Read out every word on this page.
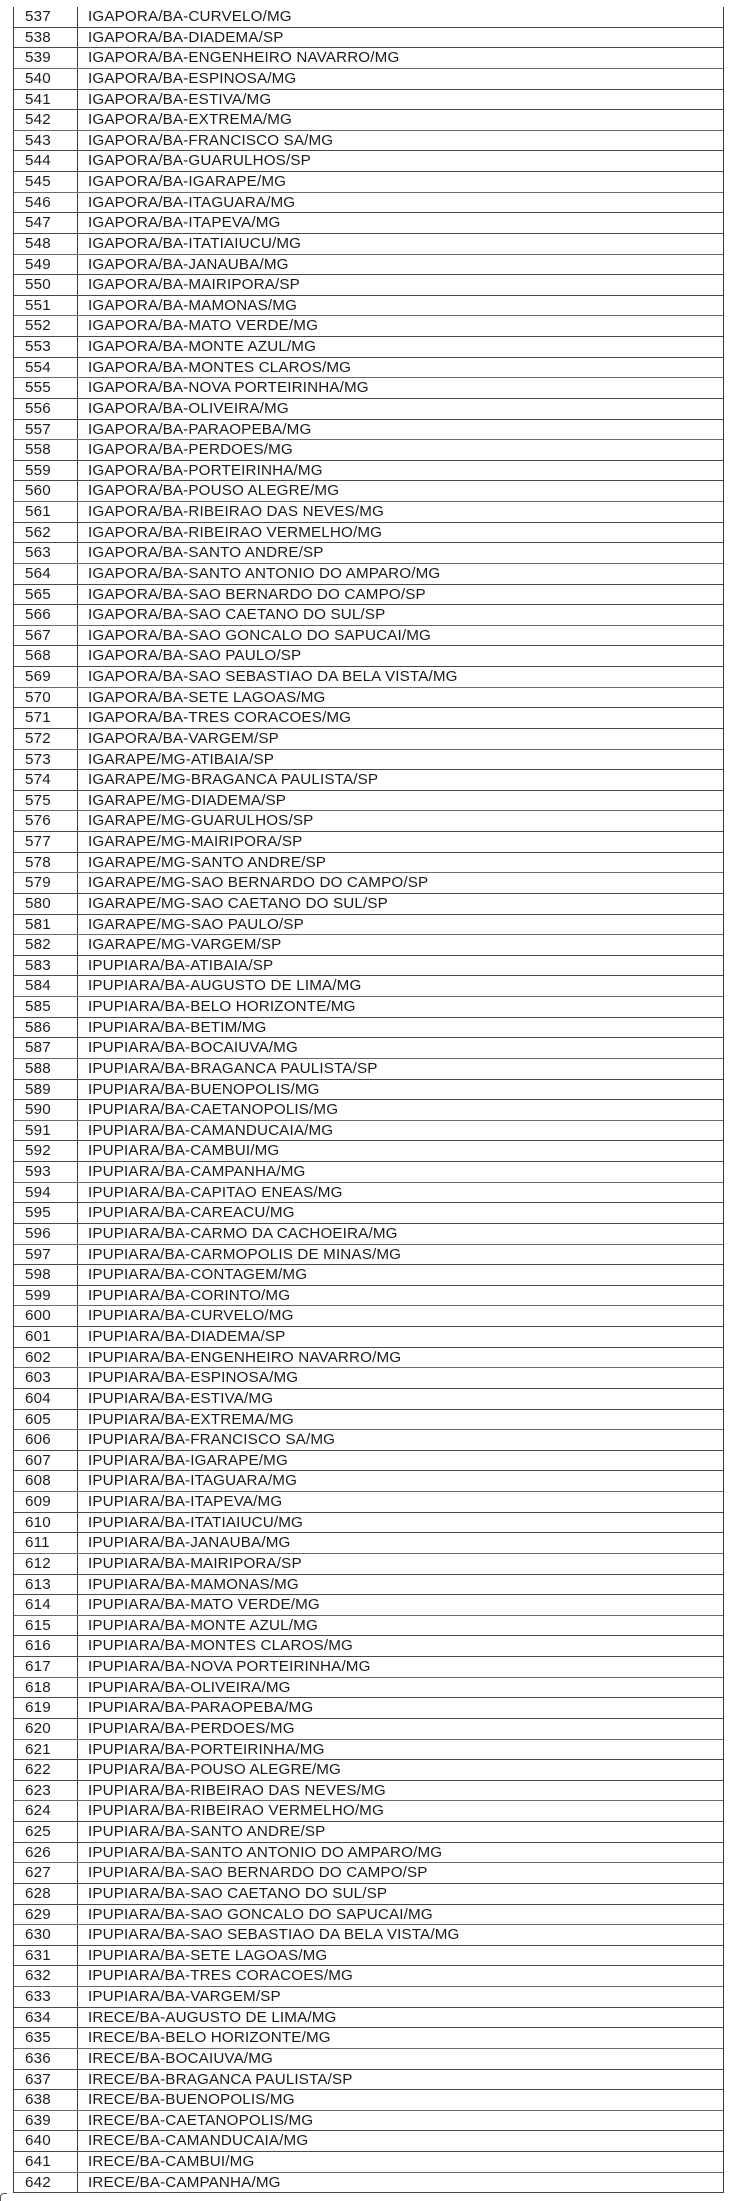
537	IGAPORA/BA-CURVELO/MG
538	IGAPORA/BA-DIADEMA/SP
539	IGAPORA/BA-ENGENHEIRO NAVARRO/MG
540	IGAPORA/BA-ESPINOSA/MG
541	IGAPORA/BA-ESTIVA/MG
542	IGAPORA/BA-EXTREMA/MG
543	IGAPORA/BA-FRANCISCO SA/MG
544	IGAPORA/BA-GUARULHOS/SP
545	IGAPORA/BA-IGARAPE/MG
546	IGAPORA/BA-ITAGUARA/MG
547	IGAPORA/BA-ITAPEVA/MG
548	IGAPORA/BA-ITATIAIUCU/MG
549	IGAPORA/BA-JANAUBA/MG
550	IGAPORA/BA-MAIRIPORA/SP
551	IGAPORA/BA-MAMONAS/MG
552	IGAPORA/BA-MATO VERDE/MG
553	IGAPORA/BA-MONTE AZUL/MG
554	IGAPORA/BA-MONTES CLAROS/MG
555	IGAPORA/BA-NOVA PORTEIRINHA/MG
556	IGAPORA/BA-OLIVEIRA/MG
557	IGAPORA/BA-PARAOPEBA/MG
558	IGAPORA/BA-PERDOES/MG
559	IGAPORA/BA-PORTEIRINHA/MG
560	IGAPORA/BA-POUSO ALEGRE/MG
561	IGAPORA/BA-RIBEIRAO DAS NEVES/MG
562	IGAPORA/BA-RIBEIRAO VERMELHO/MG
563	IGAPORA/BA-SANTO ANDRE/SP
564	IGAPORA/BA-SANTO ANTONIO DO AMPARO/MG
565	IGAPORA/BA-SAO BERNARDO DO CAMPO/SP
566	IGAPORA/BA-SAO CAETANO DO SUL/SP
567	IGAPORA/BA-SAO GONCALO DO SAPUCAI/MG
568	IGAPORA/BA-SAO PAULO/SP
569	IGAPORA/BA-SAO SEBASTIAO DA BELA VISTA/MG
570	IGAPORA/BA-SETE LAGOAS/MG
571	IGAPORA/BA-TRES CORACOES/MG
572	IGAPORA/BA-VARGEM/SP
573	IGARAPE/MG-ATIBAIA/SP
574	IGARAPE/MG-BRAGANCA PAULISTA/SP
575	IGARAPE/MG-DIADEMA/SP
576	IGARAPE/MG-GUARULHOS/SP
577	IGARAPE/MG-MAIRIPORA/SP
578	IGARAPE/MG-SANTO ANDRE/SP
579	IGARAPE/MG-SAO BERNARDO DO CAMPO/SP
580	IGARAPE/MG-SAO CAETANO DO SUL/SP
581	IGARAPE/MG-SAO PAULO/SP
582	IGARAPE/MG-VARGEM/SP
583	IPUPIARA/BA-ATIBAIA/SP
584	IPUPIARA/BA-AUGUSTO DE LIMA/MG
585	IPUPIARA/BA-BELO HORIZONTE/MG
586	IPUPIARA/BA-BETIM/MG
587	IPUPIARA/BA-BOCAIUVA/MG
588	IPUPIARA/BA-BRAGANCA PAULISTA/SP
589	IPUPIARA/BA-BUENOPOLIS/MG
590	IPUPIARA/BA-CAETANOPOLIS/MG
591	IPUPIARA/BA-CAMANDUCAIA/MG
592	IPUPIARA/BA-CAMBUI/MG
593	IPUPIARA/BA-CAMPANHA/MG
594	IPUPIARA/BA-CAPITAO ENEAS/MG
595	IPUPIARA/BA-CAREACU/MG
596	IPUPIARA/BA-CARMO DA CACHOEIRA/MG
597	IPUPIARA/BA-CARMOPOLIS DE MINAS/MG
598	IPUPIARA/BA-CONTAGEM/MG
599	IPUPIARA/BA-CORINTO/MG
600	IPUPIARA/BA-CURVELO/MG
601	IPUPIARA/BA-DIADEMA/SP
602	IPUPIARA/BA-ENGENHEIRO NAVARRO/MG
603	IPUPIARA/BA-ESPINOSA/MG
604	IPUPIARA/BA-ESTIVA/MG
605	IPUPIARA/BA-EXTREMA/MG
606	IPUPIARA/BA-FRANCISCO SA/MG
607	IPUPIARA/BA-IGARAPE/MG
608	IPUPIARA/BA-ITAGUARA/MG
609	IPUPIARA/BA-ITAPEVA/MG
610	IPUPIARA/BA-ITATIAIUCU/MG
611	IPUPIARA/BA-JANAUBA/MG
612	IPUPIARA/BA-MAIRIPORA/SP
613	IPUPIARA/BA-MAMONAS/MG
614	IPUPIARA/BA-MATO VERDE/MG
615	IPUPIARA/BA-MONTE AZUL/MG
616	IPUPIARA/BA-MONTES CLAROS/MG
617	IPUPIARA/BA-NOVA PORTEIRINHA/MG
618	IPUPIARA/BA-OLIVEIRA/MG
619	IPUPIARA/BA-PARAOPEBA/MG
620	IPUPIARA/BA-PERDOES/MG
621	IPUPIARA/BA-PORTEIRINHA/MG
622	IPUPIARA/BA-POUSO ALEGRE/MG
623	IPUPIARA/BA-RIBEIRAO DAS NEVES/MG
624	IPUPIARA/BA-RIBEIRAO VERMELHO/MG
625	IPUPIARA/BA-SANTO ANDRE/SP
626	IPUPIARA/BA-SANTO ANTONIO DO AMPARO/MG
627	IPUPIARA/BA-SAO BERNARDO DO CAMPO/SP
628	IPUPIARA/BA-SAO CAETANO DO SUL/SP
629	IPUPIARA/BA-SAO GONCALO DO SAPUCAI/MG
630	IPUPIARA/BA-SAO SEBASTIAO DA BELA VISTA/MG
631	IPUPIARA/BA-SETE LAGOAS/MG
632	IPUPIARA/BA-TRES CORACOES/MG
633	IPUPIARA/BA-VARGEM/SP
634	IRECE/BA-AUGUSTO DE LIMA/MG
635	IRECE/BA-BELO HORIZONTE/MG
636	IRECE/BA-BOCAIUVA/MG
637	IRECE/BA-BRAGANCA PAULISTA/SP
638	IRECE/BA-BUENOPOLIS/MG
639	IRECE/BA-CAETANOPOLIS/MG
640	IRECE/BA-CAMANDUCAIA/MG
641	IRECE/BA-CAMBUI/MG
642	IRECE/BA-CAMPANHA/MG
